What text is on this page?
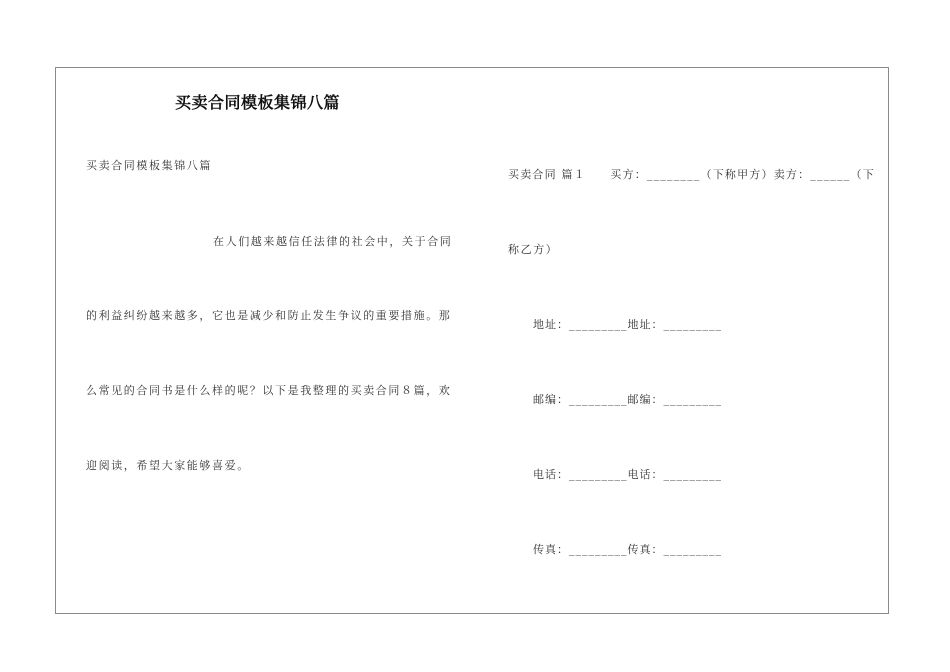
买卖合同模板集锦八篇
买卖合同模板集锦八篇
在人们越来越信任法律的社会中，关于合同
的利益纠纷越来越多，它也是减少和防止发生争议的重要措施。那
么常见的合同书是什么样的呢？以下是我整理的买卖合同８篇，欢
迎阅读，希望大家能够喜爱。
买卖合同 篇１　　买方：________（下称甲方）卖方：______（下
称乙方）
地址：_________地址：_________
邮编：_________邮编：_________
电话：_________电话：_________
传真：_________传真：_________
